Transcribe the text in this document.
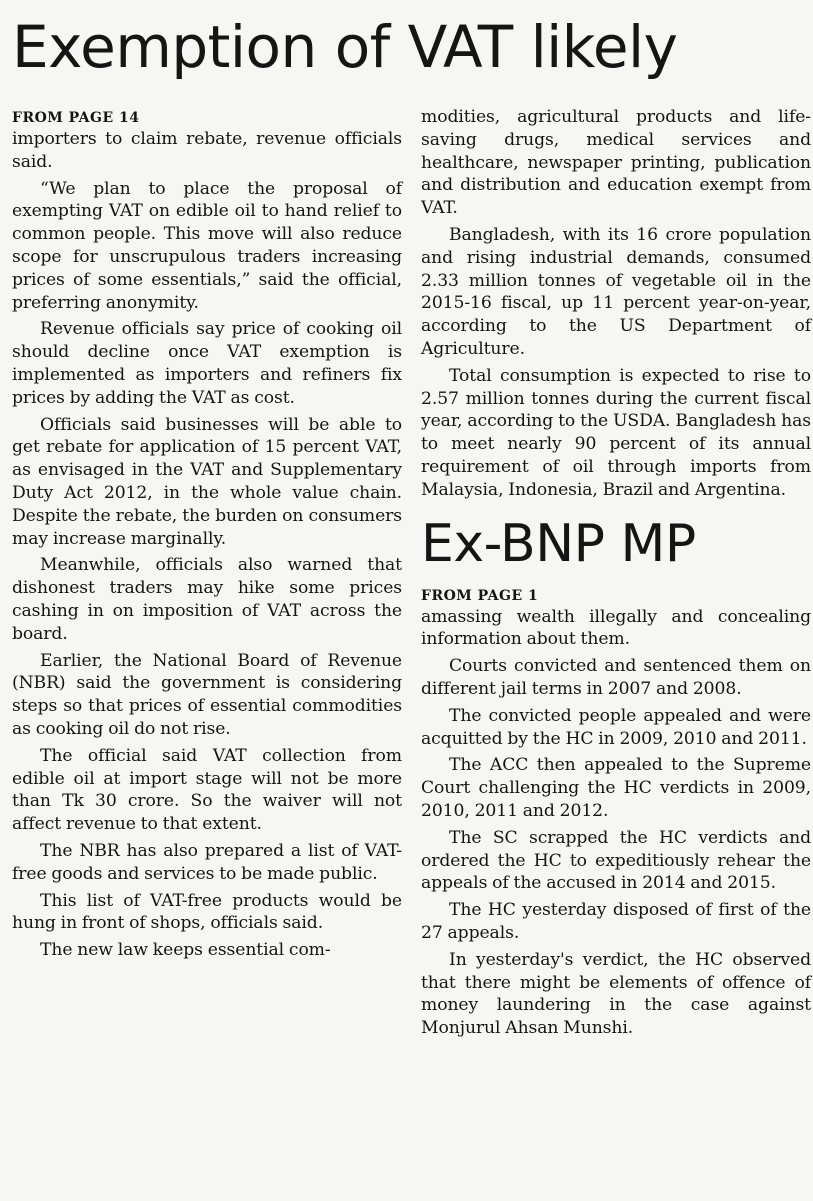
Exemption of VAT likely

FROM PAGE 14

importers to claim rebate, revenue officials said.

“We plan to place the proposal of exempting VAT on edible oil to hand relief to common people. This move will also reduce scope for unscrupulous traders increasing prices of some essentials,” said the official, preferring anonymity.

Revenue officials say price of cooking oil should decline once VAT exemption is implemented as importers and refiners fix prices by adding the VAT as cost.

Officials said businesses will be able to get rebate for application of 15 percent VAT, as envisaged in the VAT and Supplementary Duty Act 2012, in the whole value chain. Despite the rebate, the burden on consumers may increase marginally.

Meanwhile, officials also warned that dishonest traders may hike some prices cashing in on imposition of VAT across the board.

Earlier, the National Board of Revenue (NBR) said the government is considering steps so that prices of essential commodities as cooking oil do not rise.

The official said VAT collection from edible oil at import stage will not be more than Tk 30 crore. So the waiver will not affect revenue to that extent.

The NBR has also prepared a list of VAT-free goods and services to be made public.

This list of VAT-free products would be hung in front of shops, officials said.

The new law keeps essential com-

modities, agricultural products and life-saving drugs, medical services and healthcare, newspaper printing, publication and distribution and education exempt from VAT.

Bangladesh, with its 16 crore population and rising industrial demands, consumed 2.33 million tonnes of vegetable oil in the 2015-16 fiscal, up 11 percent year-on-year, according to the US Department of Agriculture.

Total consumption is expected to rise to 2.57 million tonnes during the current fiscal year, according to the USDA. Bangladesh has to meet nearly 90 percent of its annual requirement of oil through imports from Malaysia, Indonesia, Brazil and Argentina.

Ex-BNP MP

FROM PAGE 1

amassing wealth illegally and concealing information about them.

Courts convicted and sentenced them on different jail terms in 2007 and 2008.

The convicted people appealed and were acquitted by the HC in 2009, 2010 and 2011.

The ACC then appealed to the Supreme Court challenging the HC verdicts in 2009, 2010, 2011 and 2012.

The SC scrapped the HC verdicts and ordered the HC to expeditiously rehear the appeals of the accused in 2014 and 2015.

The HC yesterday disposed of first of the 27 appeals.

In yesterday's verdict, the HC observed that there might be elements of offence of money laundering in the case against Monjurul Ahsan Munshi.
